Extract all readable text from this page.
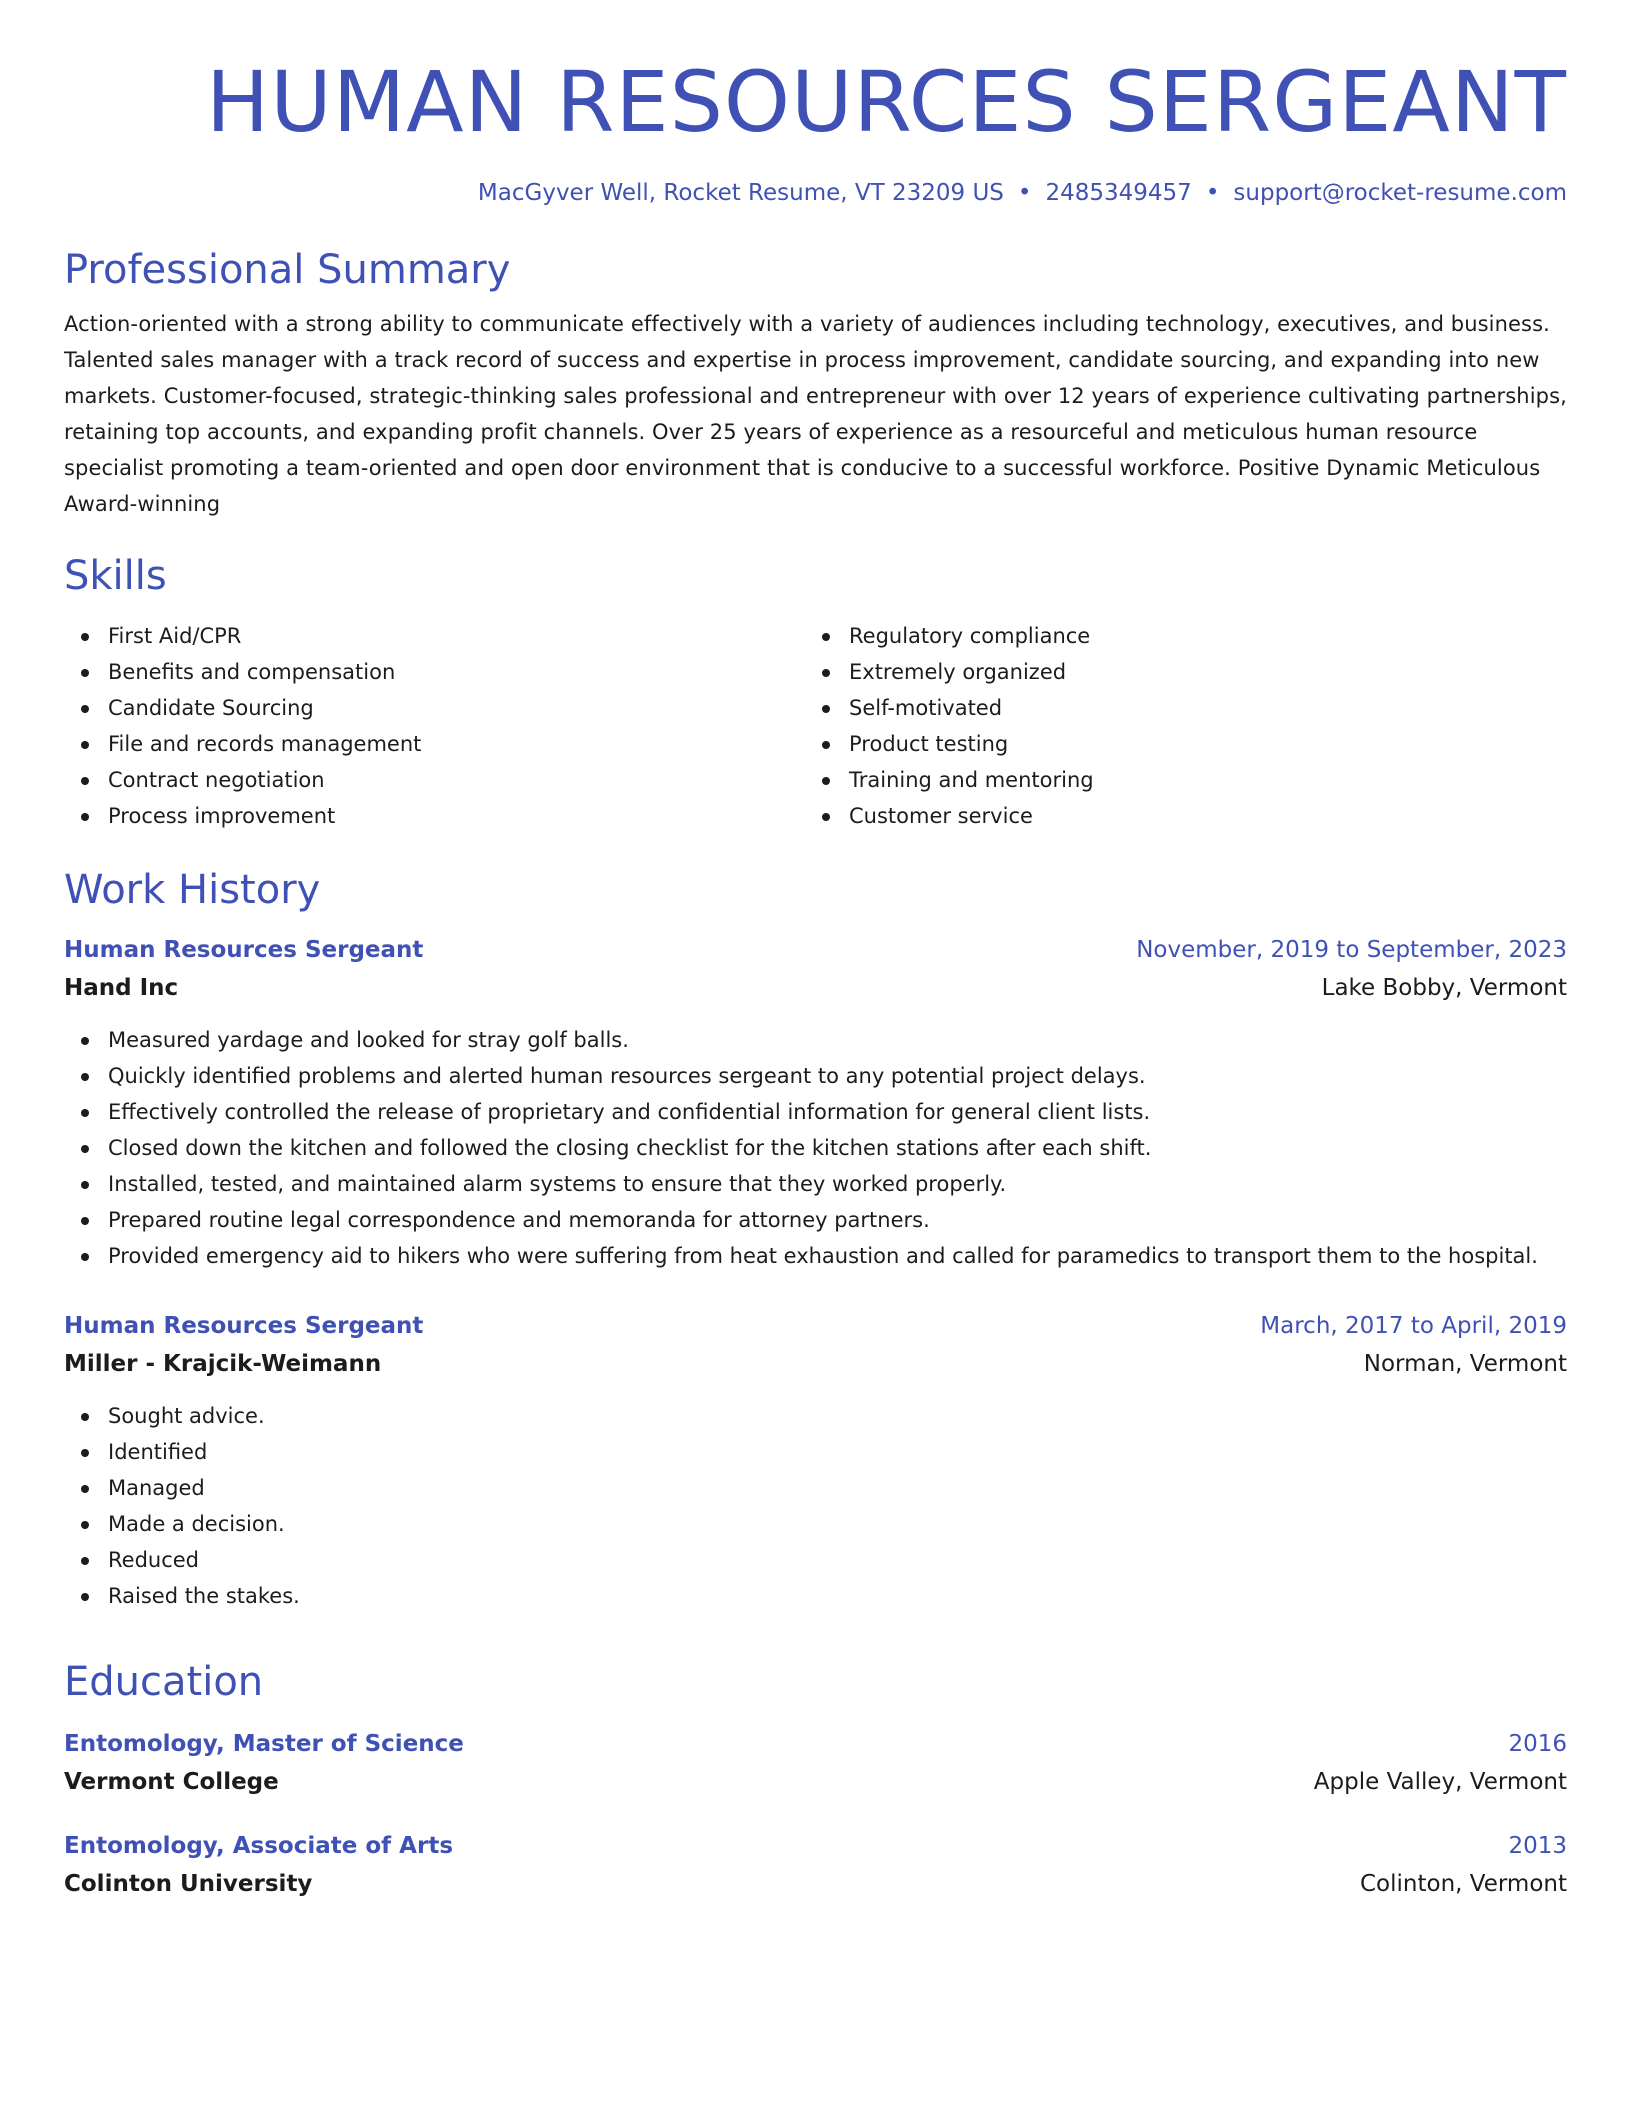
HUMAN RESOURCES SERGEANT
MacGyver Well, Rocket Resume, VT 23209 US • 2485349457 • support@rocket-resume.com
Professional Summary
Action-oriented with a strong ability to communicate effectively with a variety of audiences including technology, executives, and business. Talented sales manager with a track record of success and expertise in process improvement, candidate sourcing, and expanding into new markets. Customer-focused, strategic-thinking sales professional and entrepreneur with over 12 years of experience cultivating partnerships, retaining top accounts, and expanding profit channels. Over 25 years of experience as a resourceful and meticulous human resource specialist promoting a team-oriented and open door environment that is conducive to a successful workforce. Positive Dynamic Meticulous Award-winning
Skills
First Aid/CPR
Benefits and compensation
Candidate Sourcing
File and records management
Contract negotiation
Process improvement
Regulatory compliance
Extremely organized
Self-motivated
Product testing
Training and mentoring
Customer service
Work History
Human Resources Sergeant	November, 2019 to September, 2023
Hand Inc	Lake Bobby, Vermont
Measured yardage and looked for stray golf balls.
Quickly identified problems and alerted human resources sergeant to any potential project delays.
Effectively controlled the release of proprietary and confidential information for general client lists.
Closed down the kitchen and followed the closing checklist for the kitchen stations after each shift.
Installed, tested, and maintained alarm systems to ensure that they worked properly.
Prepared routine legal correspondence and memoranda for attorney partners.
Provided emergency aid to hikers who were suffering from heat exhaustion and called for paramedics to transport them to the hospital.
Human Resources Sergeant	March, 2017 to April, 2019
Miller - Krajcik-Weimann	Norman, Vermont
Sought advice.
Identified
Managed
Made a decision.
Reduced
Raised the stakes.
Education
Entomology, Master of Science	2016
Vermont College	Apple Valley, Vermont
Entomology, Associate of Arts	2013
Colinton University	Colinton, Vermont
